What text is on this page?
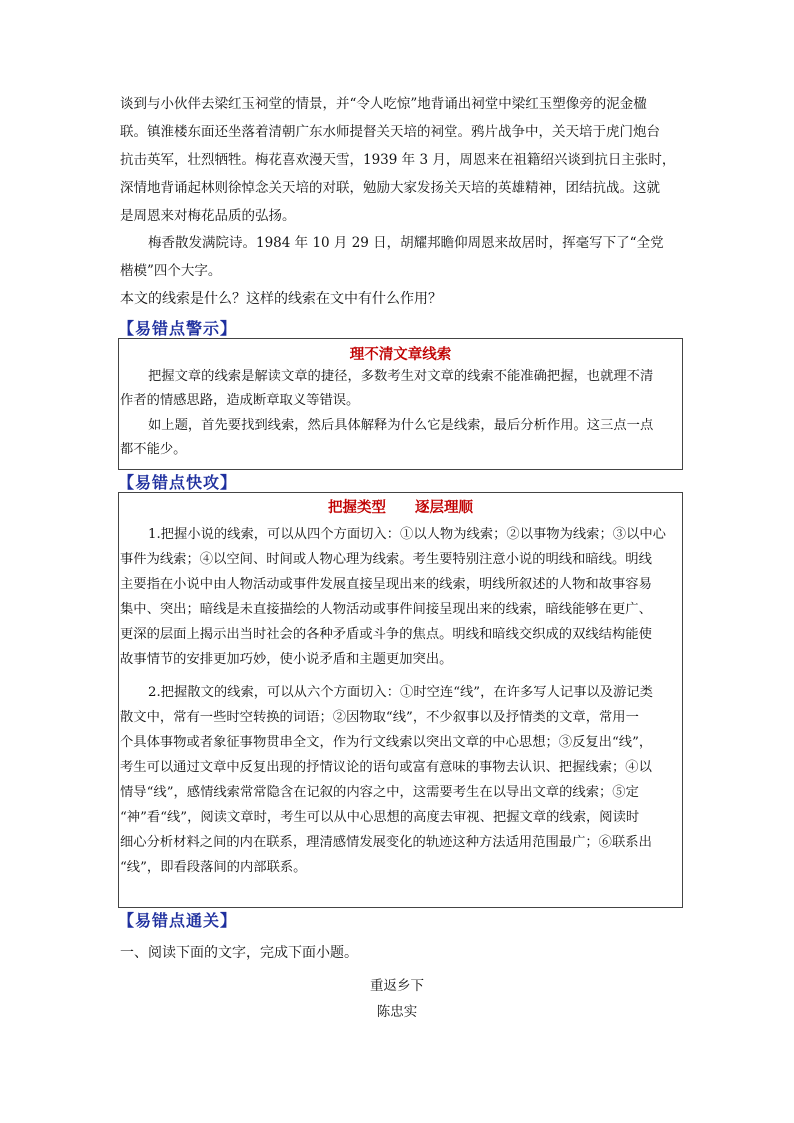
谈到与小伙伴去梁红玉祠堂的情景，并“令人吃惊”地背诵出祠堂中梁红玉塑像旁的泥金楹
联。镇淮楼东面还坐落着清朝广东水师提督关天培的祠堂。鸦片战争中，关天培于虎门炮台
抗击英军，壮烈牺牲。梅花喜欢漫天雪，1939 年 3 月，周恩来在祖籍绍兴谈到抗日主张时，
深情地背诵起林则徐悼念关天培的对联，勉励大家发扬关天培的英雄精神，团结抗战。这就
是周恩来对梅花品质的弘扬。
梅香散发满院诗。1984 年 10 月 29 日，胡耀邦瞻仰周恩来故居时，挥毫写下了“全党
楷模”四个大字。
本文的线索是什么？这样的线索在文中有什么作用？
【易错点警示】
理不清文章线索
把握文章的线索是解读文章的捷径，多数考生对文章的线索不能准确把握，也就理不清
作者的情感思路，造成断章取义等错误。
如上题，首先要找到线索，然后具体解释为什么它是线索，最后分析作用。这三点一点
都不能少。
【易错点快攻】
把握类型　　逐层理顺
1.把握小说的线索，可以从四个方面切入：①以人物为线索；②以事物为线索；③以中心
事件为线索；④以空间、时间或人物心理为线索。考生要特别注意小说的明线和暗线。明线
主要指在小说中由人物活动或事件发展直接呈现出来的线索，明线所叙述的人物和故事容易
集中、突出；暗线是未直接描绘的人物活动或事件间接呈现出来的线索，暗线能够在更广、
更深的层面上揭示出当时社会的各种矛盾或斗争的焦点。明线和暗线交织成的双线结构能使
故事情节的安排更加巧妙，使小说矛盾和主题更加突出。
2.把握散文的线索，可以从六个方面切入：①时空连“线”，在许多写人记事以及游记类
散文中，常有一些时空转换的词语；②因物取“线”，不少叙事以及抒情类的文章，常用一
个具体事物或者象征事物贯串全文，作为行文线索以突出文章的中心思想；③反复出“线”，
考生可以通过文章中反复出现的抒情议论的语句或富有意味的事物去认识、把握线索；④以
情导“线”，感情线索常常隐含在记叙的内容之中，这需要考生在以导出文章的线索；⑤定
“神”看“线”，阅读文章时，考生可以从中心思想的高度去审视、把握文章的线索，阅读时
细心分析材料之间的内在联系，理清感情发展变化的轨迹这种方法适用范围最广；⑥联系出
“线”，即看段落间的内部联系。
【易错点通关】
一、阅读下面的文字，完成下面小题。
重返乡下
陈忠实
